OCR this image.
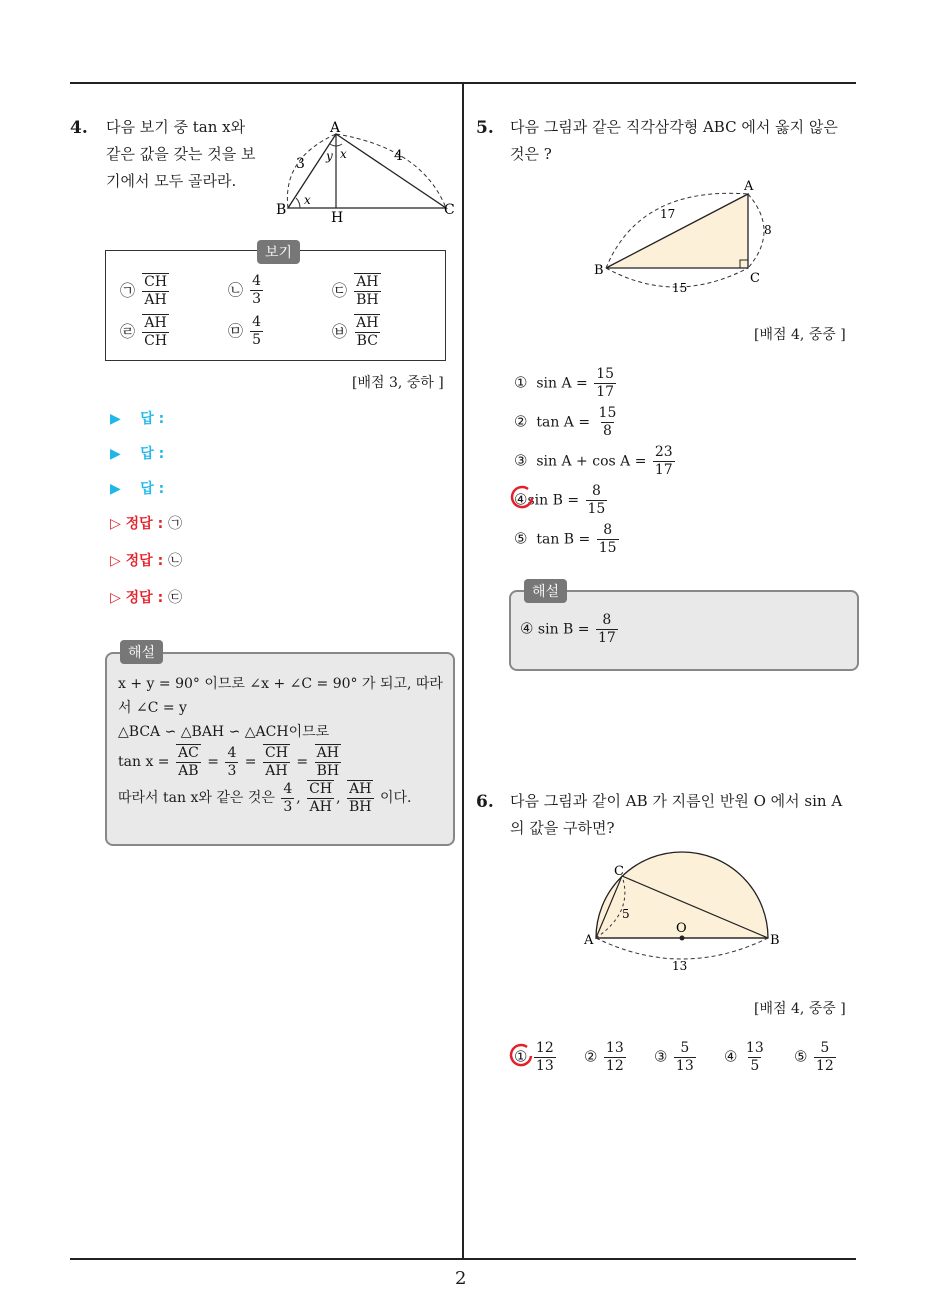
2
4. 다음 보기 중 tan x와
같은 값을 갖는 것을 보
기에서 모두 골라라.
A
B	C
H
3	4
y x
x
보기
㉠ $\frac{CH}{AH}$	㉡ $\frac{4}{3}$	㉢ $\frac{AH}{BH}$
㉣ $\frac{AH}{CH}$	㉤ $\frac{4}{5}$	㉥ $\frac{AH}{BC}$
[배점 3, 중하 ]
▶ 답 :
▶ 답 :
▶ 답 :
▷ 정답 : ㉠
▷ 정답 : ㉡
▷ 정답 : ㉢
해설
x + y = 90° 이므로 ∠x + ∠C = 90° 가 되고, 따라
서 ∠C = y
△BCA ∽ △BAH ∽ △ACH이므로
$\tan x = \frac{AC}{AB} = \frac{4}{3} = \frac{CH}{AH} = \frac{AH}{BH}$
따라서 tan x와 같은 것은 $\frac{4}{3}$ , $\frac{CH}{AH}$ , $\frac{AH}{BH}$ 이다.
5. 다음 그림과 같은 직각삼각형 ABC 에서 옳지 않은
것은 ?
A
B
C
17
8
15
[배점 4, 중중 ]
① $\sin A = \frac{15}{17}$
② $\tan A = \frac{15}{8}$
③ $\sin A + \cos A = \frac{23}{17}$
④sin $B = \frac{8}{15}$
⑤ $\tan B = \frac{8}{15}$
해설
④ $\sin B = \frac{8}{17}$
6. 다음 그림과 같이 AB 가 지름인 반원 O 에서 sin A
의 값을 구하면?
C
A	B
O
5
13
[배점 4, 중중 ]
① $\frac{12}{13}$ ② $\frac{13}{12}$ ③ $\frac{5}{13}$ ④ $\frac{13}{5}$ ⑤ $\frac{5}{12}$
